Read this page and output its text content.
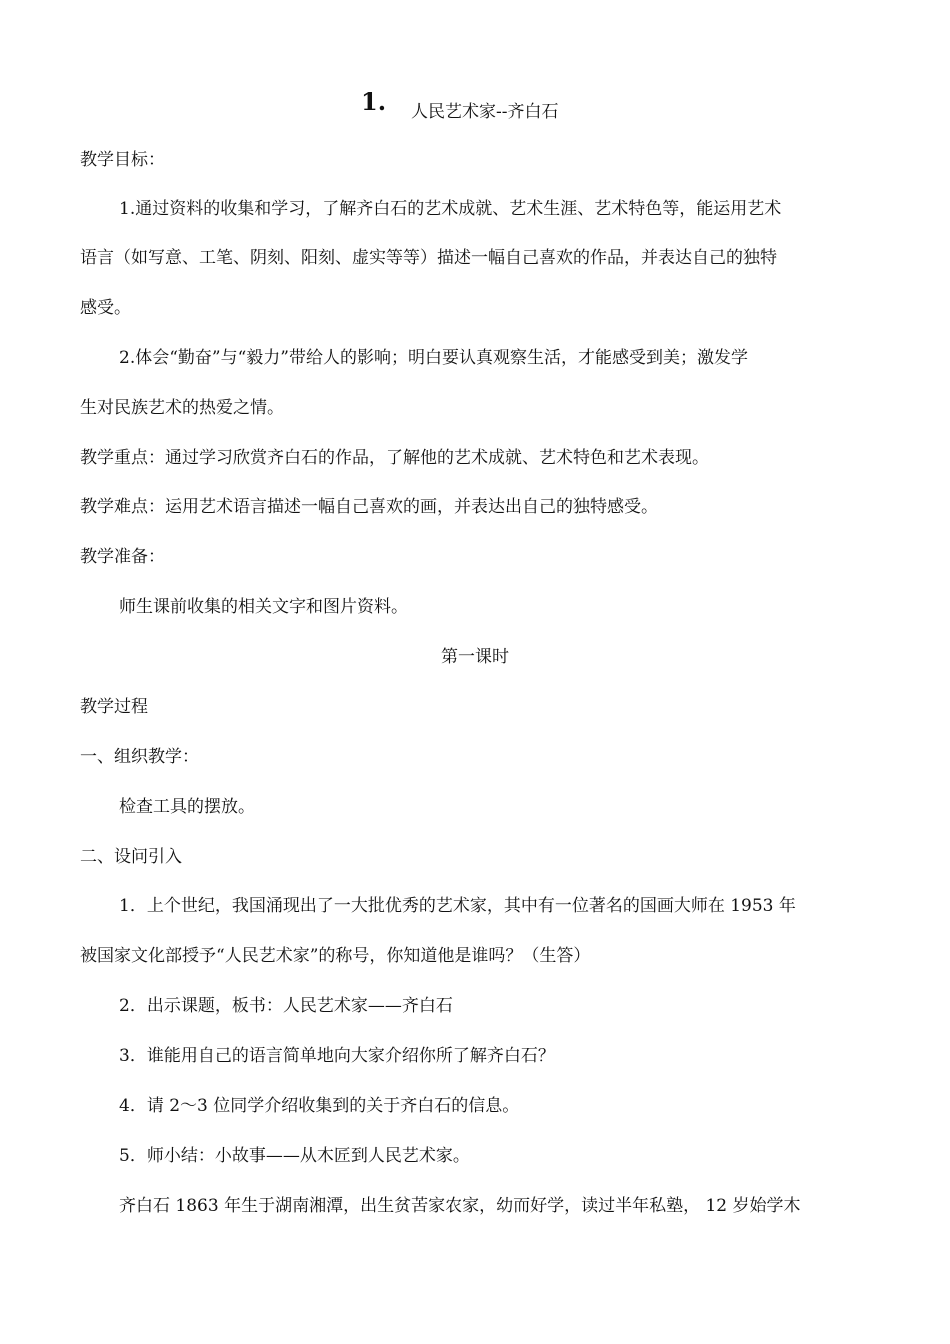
1. 人民艺术家--齐白石
教学目标：
1.通过资料的收集和学习，了解齐白石的艺术成就、艺术生涯、艺术特色等，能运用艺术
语言（如写意、工笔、阴刻、阳刻、虚实等等）描述一幅自己喜欢的作品，并表达自己的独特
感受。
2.体会“勤奋”与“毅力”带给人的影响；明白要认真观察生活，才能感受到美；激发学
生对民族艺术的热爱之情。
教学重点：通过学习欣赏齐白石的作品，了解他的艺术成就、艺术特色和艺术表现。
教学难点：运用艺术语言描述一幅自己喜欢的画，并表达出自己的独特感受。
教学准备：
师生课前收集的相关文字和图片资料。
第一课时
教学过程
一、组织教学：
检查工具的摆放。
二、设问引入
1．上个世纪，我国涌现出了一大批优秀的艺术家，其中有一位著名的国画大师在 1953 年
被国家文化部授予“人民艺术家”的称号，你知道他是谁吗？（生答）
2．出示课题，板书：人民艺术家——齐白石
3．谁能用自己的语言简单地向大家介绍你所了解齐白石？
4．请 2～3 位同学介绍收集到的关于齐白石的信息。
5．师小结：小故事——从木匠到人民艺术家。
齐白石 1863 年生于湖南湘潭，出生贫苦家农家，幼而好学，读过半年私塾， 12 岁始学木
